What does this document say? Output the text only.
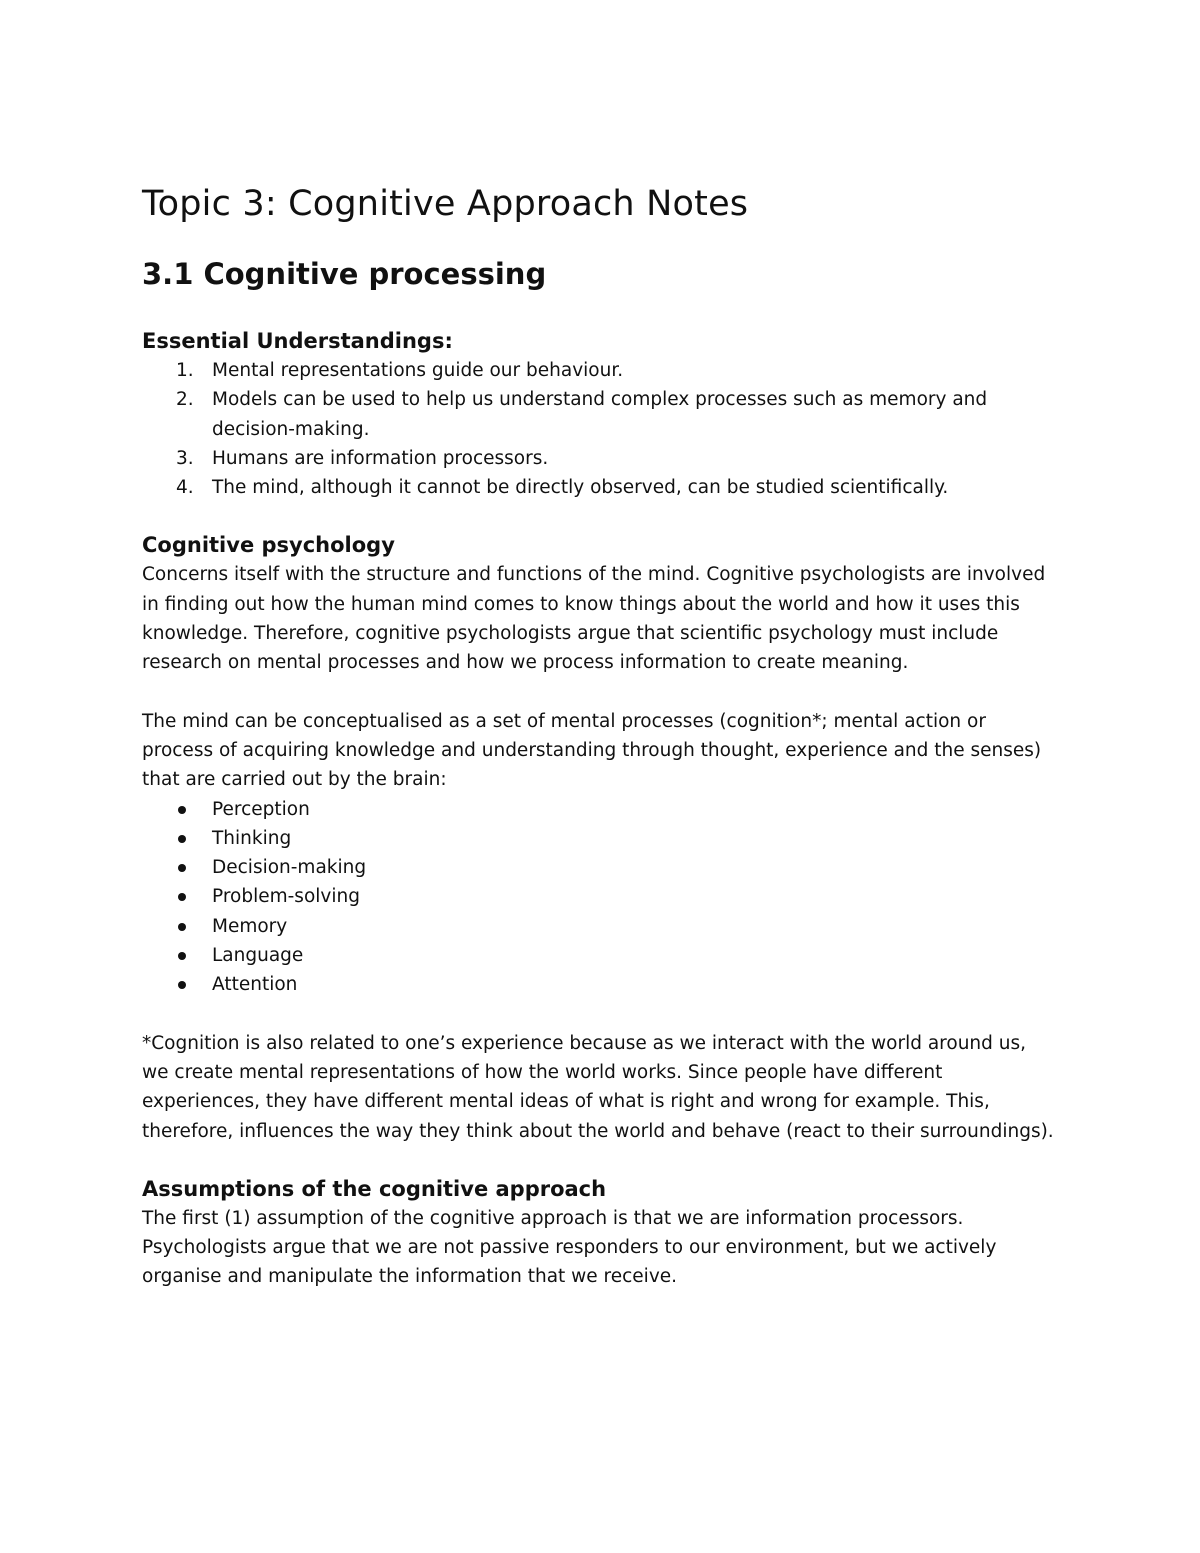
Topic 3: Cognitive Approach Notes
3.1 Cognitive processing
Essential Understandings:
1. Mental representations guide our behaviour.
2. Models can be used to help us understand complex processes such as memory and decision-making.
3. Humans are information processors.
4. The mind, although it cannot be directly observed, can be studied scientifically.
Cognitive psychology

Concerns itself with the structure and functions of the mind. Cognitive psychologists are involved in finding out how the human mind comes to know things about the world and how it uses this knowledge. Therefore, cognitive psychologists argue that scientific psychology must include research on mental processes and how we process information to create meaning.

The mind can be conceptualised as a set of mental processes (cognition*; mental action or process of acquiring knowledge and understanding through thought, experience and the senses) that are carried out by the brain:

Perception
Thinking
Decision-making
Problem-solving
Memory
Language
Attention

*Cognition is also related to one’s experience because as we interact with the world around us, we create mental representations of how the world works. Since people have different experiences, they have different mental ideas of what is right and wrong for example. This, therefore, influences the way they think about the world and behave (react to their surroundings).

Assumptions of the cognitive approach

The first (1) assumption of the cognitive approach is that we are information processors. Psychologists argue that we are not passive responders to our environment, but we actively organise and manipulate the information that we receive.
